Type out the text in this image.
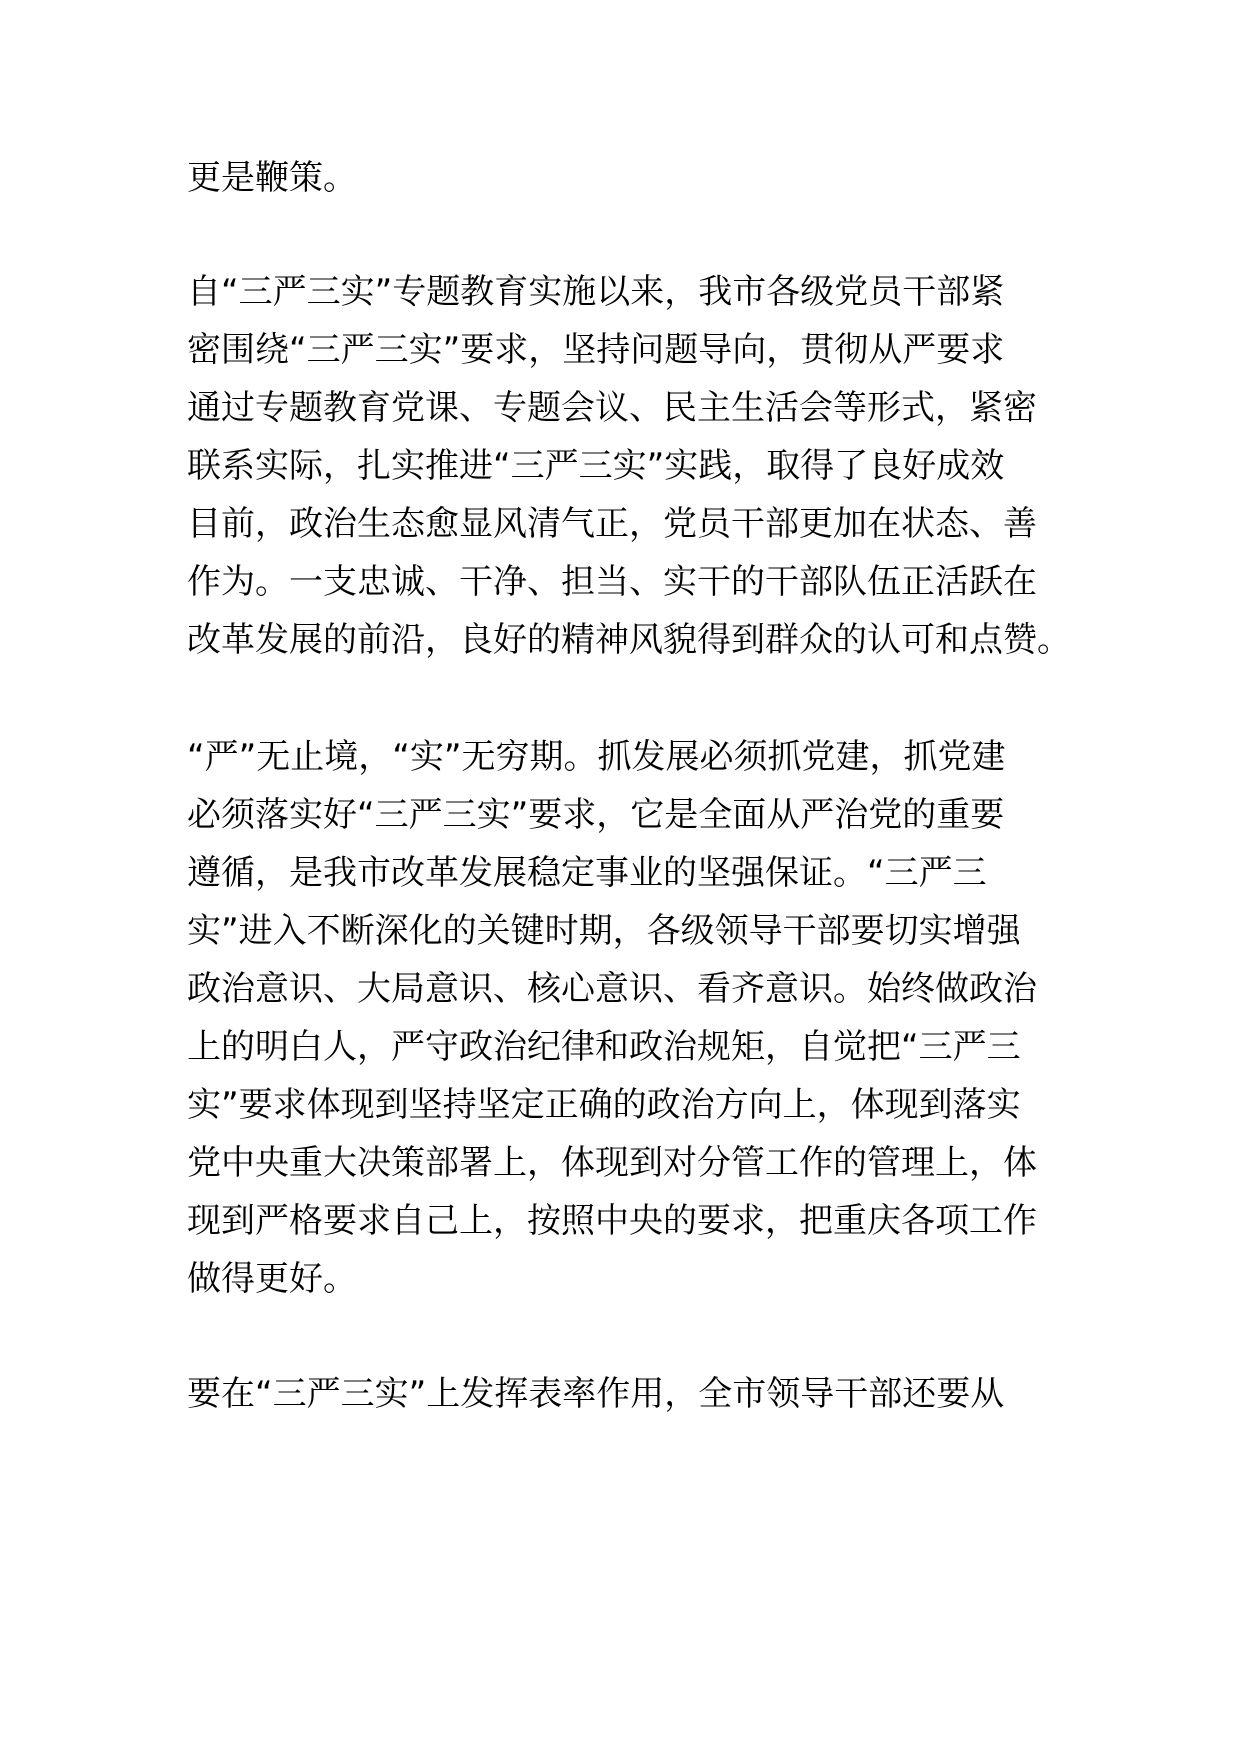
更是鞭策。

自“三严三实”专题教育实施以来，我市各级党员干部紧

密围绕“三严三实”要求，坚持问题导向，贯彻从严要求

通过专题教育党课、专题会议、民主生活会等形式，紧密

联系实际，扎实推进“三严三实”实践，取得了良好成效

目前，政治生态愈显风清气正，党员干部更加在状态、善

作为。一支忠诚、干净、担当、实干的干部队伍正活跃在

改革发展的前沿，良好的精神风貌得到群众的认可和点赞。

“严”无止境，“实”无穷期。抓发展必须抓党建，抓党建

必须落实好“三严三实”要求，它是全面从严治党的重要

遵循，是我市改革发展稳定事业的坚强保证。“三严三

实”进入不断深化的关键时期，各级领导干部要切实增强

政治意识、大局意识、核心意识、看齐意识。始终做政治

上的明白人，严守政治纪律和政治规矩，自觉把“三严三

实”要求体现到坚持坚定正确的政治方向上，体现到落实

党中央重大决策部署上，体现到对分管工作的管理上，体

现到严格要求自己上，按照中央的要求，把重庆各项工作

做得更好。

要在“三严三实”上发挥表率作用，全市领导干部还要从
